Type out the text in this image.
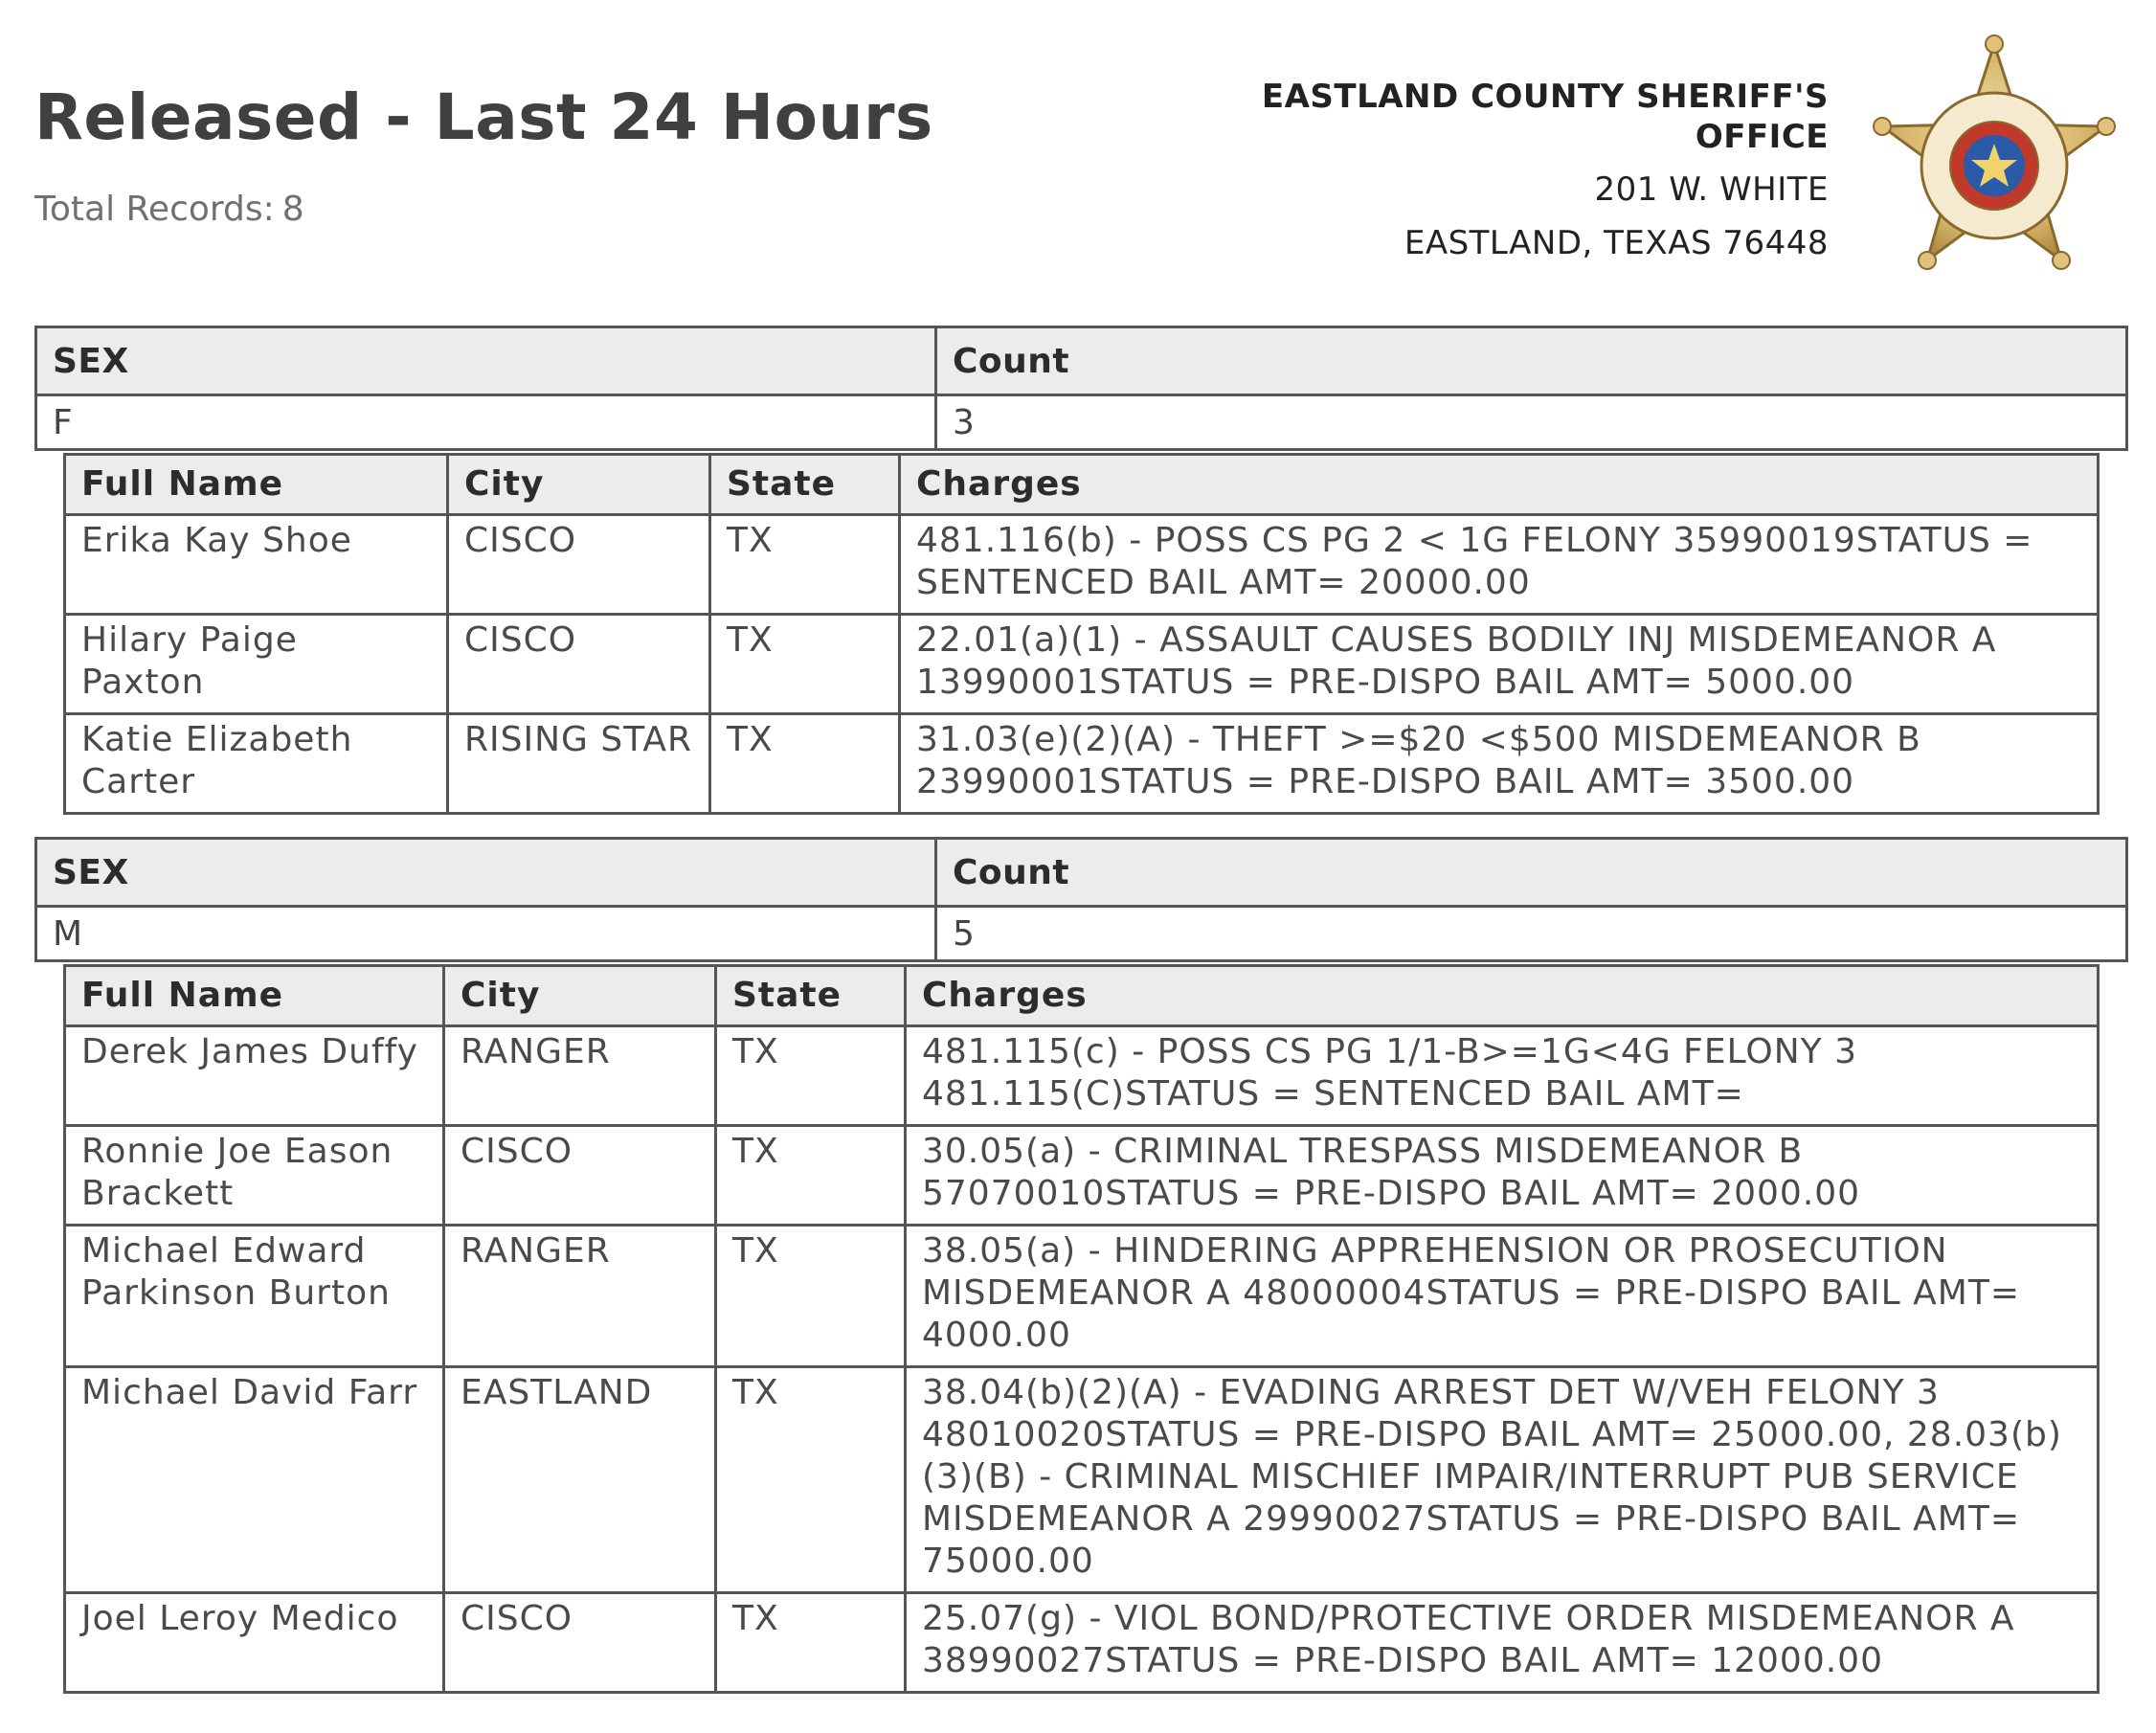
Released - Last 24 Hours
Total Records: 8
EASTLAND COUNTY SHERIFF'S
OFFICE
201 W. WHITE
EASTLAND, TEXAS 76448
SEX	Count
F	3
Full Name	City	State	Charges
Erika Kay Shoe	CISCO	TX	481.116(b) - POSS CS PG 2 < 1G FELONY 35990019STATUS = SENTENCED BAIL AMT= 20000.00
Hilary Paige Paxton	CISCO	TX	22.01(a)(1) - ASSAULT CAUSES BODILY INJ MISDEMEANOR A 13990001STATUS = PRE-DISPO BAIL AMT= 5000.00
Katie Elizabeth Carter	RISING STAR	TX	31.03(e)(2)(A) - THEFT >=$20 <$500 MISDEMEANOR B 23990001STATUS = PRE-DISPO BAIL AMT= 3500.00
SEX	Count
M	5
Full Name	City	State	Charges
Derek James Duffy	RANGER	TX	481.115(c) - POSS CS PG 1/1-B>=1G<4G FELONY 3 481.115(C)STATUS = SENTENCED BAIL AMT=
Ronnie Joe Eason Brackett	CISCO	TX	30.05(a) - CRIMINAL TRESPASS MISDEMEANOR B 57070010STATUS = PRE-DISPO BAIL AMT= 2000.00
Michael Edward Parkinson Burton	RANGER	TX	38.05(a) - HINDERING APPREHENSION OR PROSECUTION MISDEMEANOR A 48000004STATUS = PRE-DISPO BAIL AMT= 4000.00
Michael David Farr	EASTLAND	TX	38.04(b)(2)(A) - EVADING ARREST DET W/VEH FELONY 3 48010020STATUS = PRE-DISPO BAIL AMT= 25000.00, 28.03(b)(3)(B) - CRIMINAL MISCHIEF IMPAIR/INTERRUPT PUB SERVICE MISDEMEANOR A 29990027STATUS = PRE-DISPO BAIL AMT= 75000.00
Joel Leroy Medico	CISCO	TX	25.07(g) - VIOL BOND/PROTECTIVE ORDER MISDEMEANOR A 38990027STATUS = PRE-DISPO BAIL AMT= 12000.00
